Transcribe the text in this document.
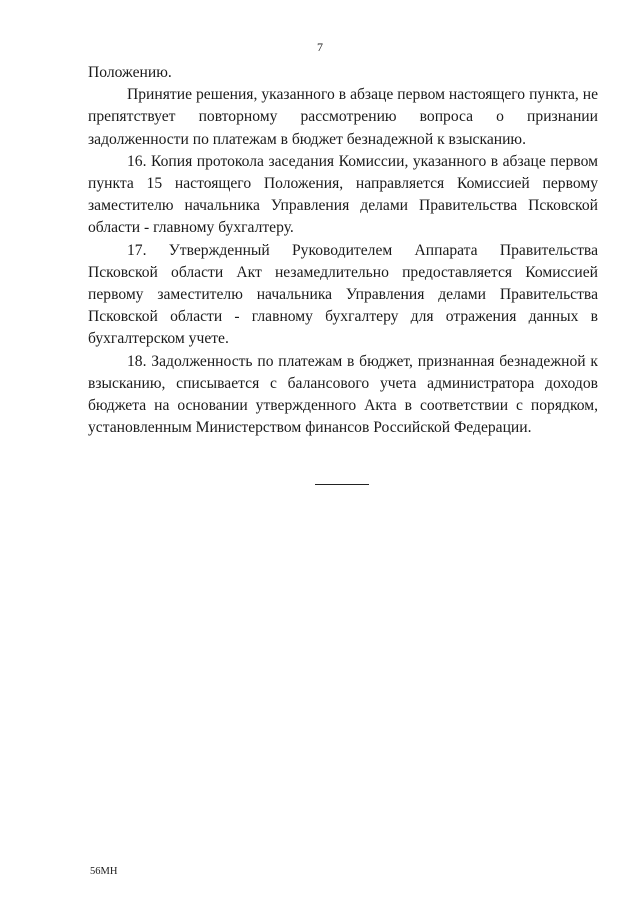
7

Положению.

Принятие решения, указанного в абзаце первом настоящего пункта, не препятствует повторному рассмотрению вопроса о признании задолженности по платежам в бюджет безнадежной к взысканию.

16. Копия протокола заседания Комиссии, указанного в абзаце первом пункта 15 настоящего Положения, направляется Комиссией первому заместителю начальника Управления делами Правительства Псковской области - главному бухгалтеру.

17. Утвержденный Руководителем Аппарата Правительства Псковской области Акт незамедлительно предоставляется Комиссией первому заместителю начальника Управления делами Правительства Псковской области - главному бухгалтеру для отражения данных в бухгалтерском учете.

18. Задолженность по платежам в бюджет, признанная безнадежной к взысканию, списывается с балансового учета администратора доходов бюджета на основании утвержденного Акта в соответствии с порядком, установленным Министерством финансов Российской Федерации.

56МН
